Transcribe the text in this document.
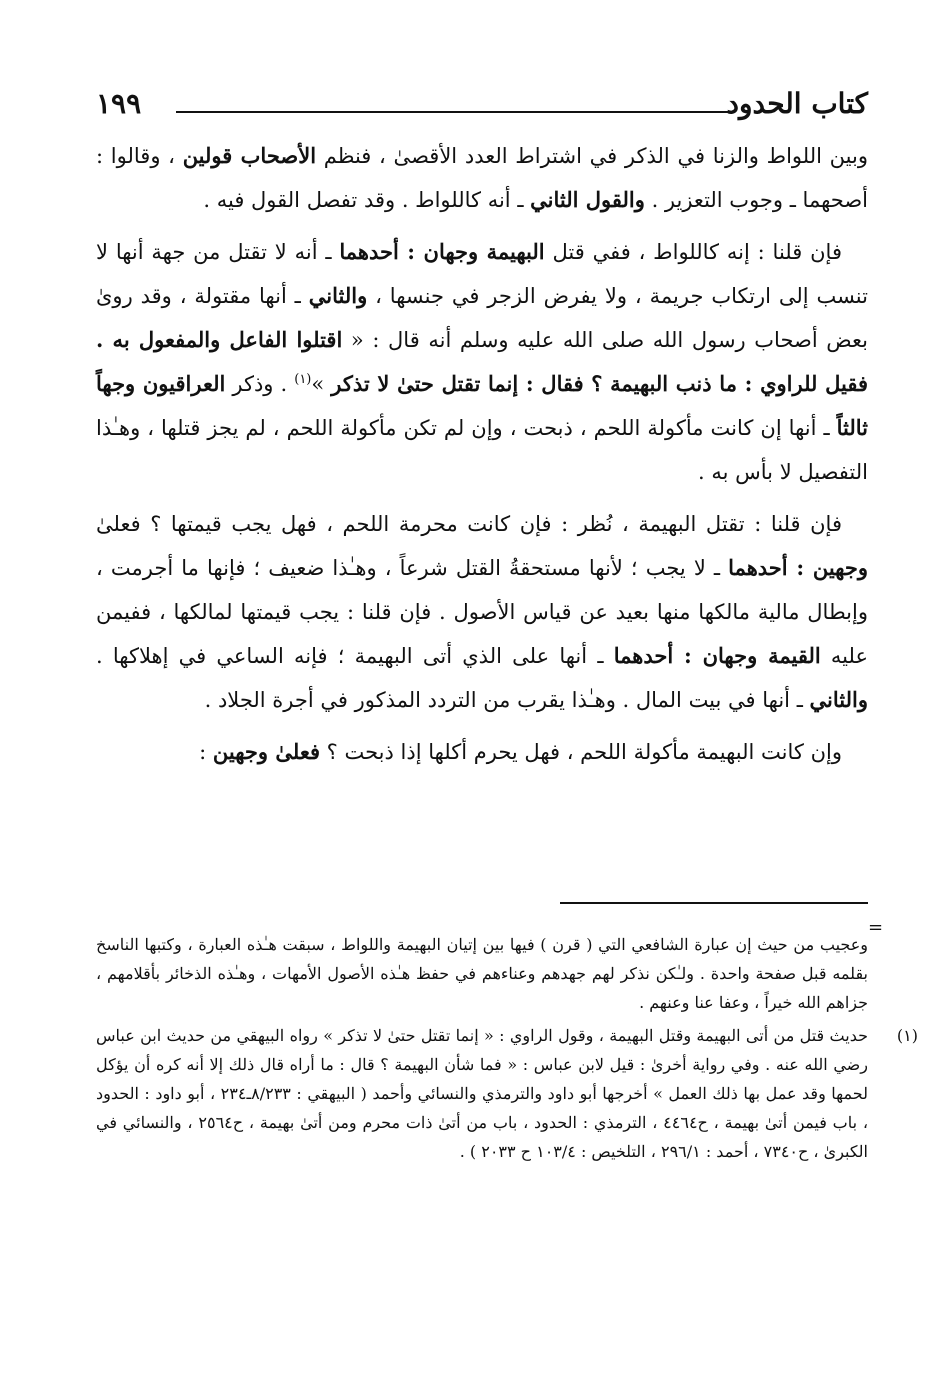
كتاب الحدود
١٩٩

وبين اللواط والزنا في الذكر في اشتراط العدد الأقصىٰ ، فنظم الأصحاب قولين ، وقالوا : أصحهما ـ وجوب التعزير . والقول الثاني ـ أنه كاللواط . وقد تفصل القول فيه .

فإن قلنا : إنه كاللواط ، ففي قتل البهيمة وجهان : أحدهما ـ أنه لا تقتل من جهة أنها لا تنسب إلى ارتكاب جريمة ، ولا يفرض الزجر في جنسها ، والثاني ـ أنها مقتولة ، وقد روىٰ بعض أصحاب رسول الله صلى الله عليه وسلم أنه قال : « اقتلوا الفاعل والمفعول به . فقيل للراوي : ما ذنب البهيمة ؟ فقال : إنما تقتل حتىٰ لا تذكر »$^{(١)}$ . وذكر العراقيون وجهاً ثالثاً ـ أنها إن كانت مأكولة اللحم ، ذبحت ، وإن لم تكن مأكولة اللحم ، لم يجز قتلها ، وهـٰذا التفصيل لا بأس به .

فإن قلنا : تقتل البهيمة ، نُظر : فإن كانت محرمة اللحم ، فهل يجب قيمتها ؟ فعلىٰ وجهين : أحدهما ـ لا يجب ؛ لأنها مستحقةُ القتل شرعاً ، وهـٰذا ضعيف ؛ فإنها ما أجرمت ، وإبطال مالية مالكها منها بعيد عن قياس الأصول . فإن قلنا : يجب قيمتها لمالكها ، ففيمن عليه القيمة وجهان : أحدهما ـ أنها على الذي أتى البهيمة ؛ فإنه الساعي في إهلاكها . والثاني ـ أنها في بيت المال . وهـٰذا يقرب من التردد المذكور في أجرة الجلاد .

وإن كانت البهيمة مأكولة اللحم ، فهل يحرم أكلها إذا ذبحت ؟ فعلىٰ وجهين :

=

وعجيب من حيث إن عبارة الشافعي التي ( قرن ) فيها بين إتيان البهيمة واللواط ، سبقت هـٰذه العبارة ، وكتبها الناسخ بقلمه قبل صفحة واحدة . ولـٰكن نذكر لهم جهدهم وعناءهم في حفظ هـٰذه الأصول الأمهات ، وهـٰذه الذخائر بأقلامهم ، جزاهم الله خيراً ، وعفا عنا وعنهم .

(١)
حديث قتل من أتى البهيمة وقتل البهيمة ، وقول الراوي : « إنما تقتل حتىٰ لا تذكر » رواه البيهقي من حديث ابن عباس رضي الله عنه . وفي رواية أخرىٰ : قيل لابن عباس : « فما شأن البهيمة ؟ قال : ما أراه قال ذلك إلا أنه كره أن يؤكل لحمها وقد عمل بها ذلك العمل » أخرجها أبو داود والترمذي والنسائي وأحمد ( البيهقي : ٨/٢٣٣ـ٢٣٤ ، أبو داود : الحدود ، باب فيمن أتىٰ بهيمة ، ح٤٤٦٤ ، الترمذي : الحدود ، باب من أتىٰ ذات محرم ومن أتىٰ بهيمة ، ح٢٥٦٤ ، والنسائي في الكبرىٰ ، ح٧٣٤٠ ، أحمد : ٢٩٦/١ ، التلخيص : ١٠٣/٤ ح ٢٠٣٣ ) .
